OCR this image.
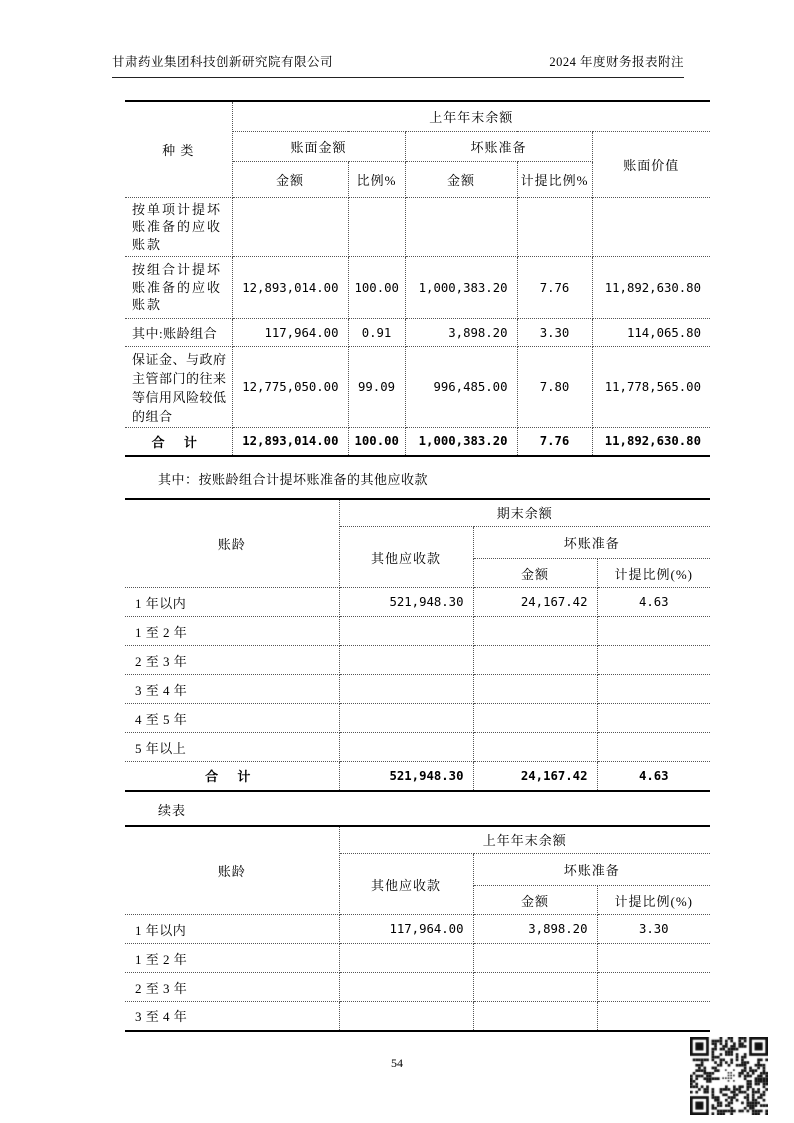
甘肃药业集团科技创新研究院有限公司	2024 年度财务报表附注
种 类	上年年末余额				
	账面金额		坏账准备		账面价值
	金额	比例%	金额	计提比例%	
按单项计提坏账准备的应收账款					
按组合计提坏账准备的应收账款	12,893,014.00	100.00	1,000,383.20	7.76	11,892,630.80
其中:账龄组合	117,964.00	0.91	3,898.20	3.30	114,065.80
保证金、与政府主管部门的往来等信用风险较低的组合	12,775,050.00	99.09	996,485.00	7.80	11,778,565.00
合 计	12,893,014.00	100.00	1,000,383.20	7.76	11,892,630.80
其中：按账龄组合计提坏账准备的其他应收款
账龄	期末余额		
	其他应收款	坏账准备	
		金额	计提比例(%)
1 年以内	521,948.30	24,167.42	4.63
1 至 2 年			
2 至 3 年			
3 至 4 年			
4 至 5 年			
5 年以上			
合 计	521,948.30	24,167.42	4.63
续表
账龄	上年年末余额		
	其他应收款	坏账准备	
		金额	计提比例(%)
1 年以内	117,964.00	3,898.20	3.30
1 至 2 年			
2 至 3 年			
3 至 4 年			
54
